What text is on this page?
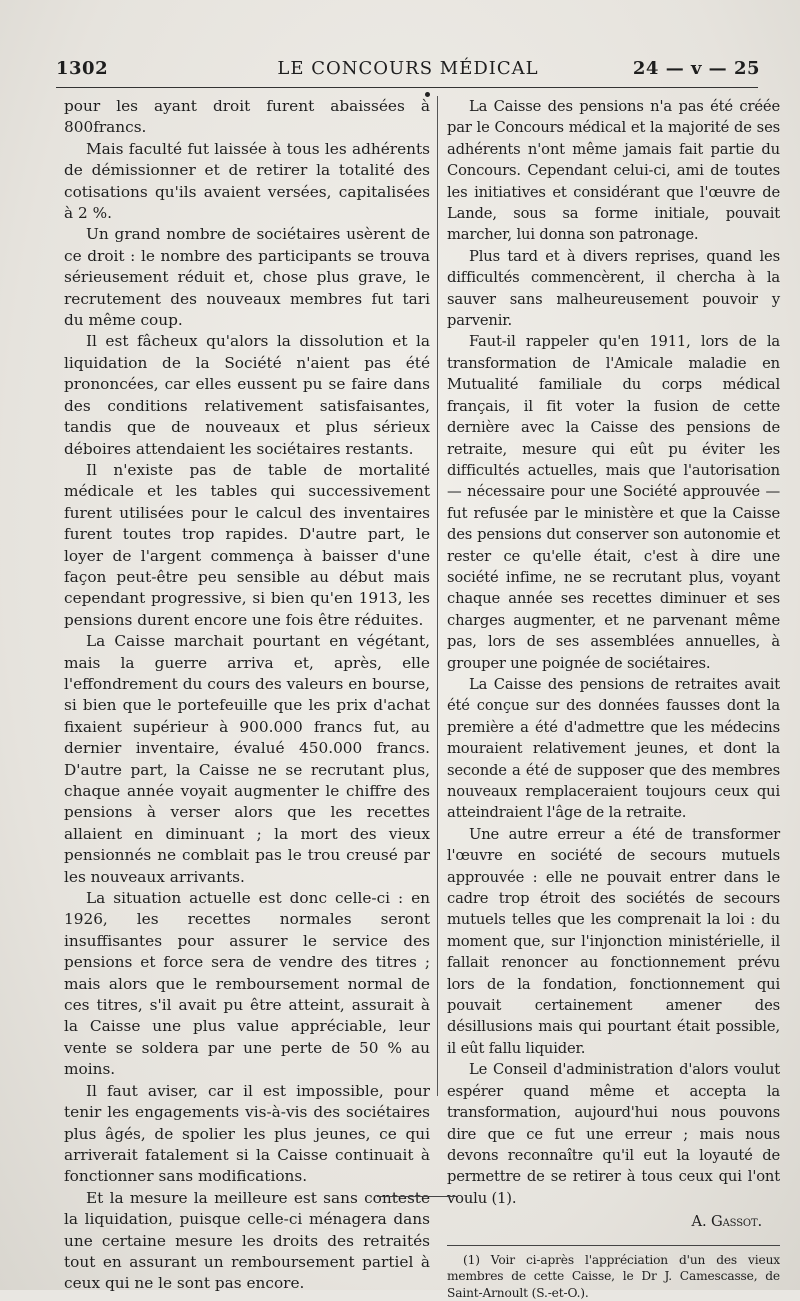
1302	LE CONCOURS MÉDICAL	24 — v — 25

pour les ayant droit furent abaissées à 800francs.

Mais faculté fut laissée à tous les adhérents de démissionner et de retirer la totalité des cotisations qu'ils avaient versées, capitalisées à 2 %.

Un grand nombre de sociétaires usèrent de ce droit : le nombre des participants se trouva sérieusement réduit et, chose plus grave, le recrutement des nouveaux membres fut tari du même coup.

Il est fâcheux qu'alors la dissolution et la liquidation de la Société n'aient pas été prononcées, car elles eussent pu se faire dans des conditions relativement satisfaisantes, tandis que de nouveaux et plus sérieux déboires attendaient les sociétaires restants.

Il n'existe pas de table de mortalité médicale et les tables qui successivement furent utilisées pour le calcul des inventaires furent toutes trop rapides. D'autre part, le loyer de l'argent commença à baisser d'une façon peut-être peu sensible au début mais cependant progressive, si bien qu'en 1913, les pensions durent encore une fois être réduites.

La Caisse marchait pourtant en végétant, mais la guerre arriva et, après, elle l'effondrement du cours des valeurs en bourse, si bien que le portefeuille que les prix d'achat fixaient supérieur à 900.000 francs fut, au dernier inventaire, évalué 450.000 francs. D'autre part, la Caisse ne se recrutant plus, chaque année voyait augmenter le chiffre des pensions à verser alors que les recettes allaient en diminuant ; la mort des vieux pensionnés ne comblait pas le trou creusé par les nouveaux arrivants.

La situation actuelle est donc celle-ci : en 1926, les recettes normales seront insuffisantes pour assurer le service des pensions et force sera de vendre des titres ; mais alors que le remboursement normal de ces titres, s'il avait pu être atteint, assurait à la Caisse une plus value appréciable, leur vente se soldera par une perte de 50 % au moins.

Il faut aviser, car il est impossible, pour tenir les engagements vis-à-vis des sociétaires plus âgés, de spolier les plus jeunes, ce qui arriverait fatalement si la Caisse continuait à fonctionner sans modifications.

Et la mesure la meilleure est sans conteste la liquidation, puisque celle-ci ménagera dans une certaine mesure les droits des retraités tout en assurant un remboursement partiel à ceux qui ne le sont pas encore.

La Caisse des pensions n'a pas été créée par le Concours médical et la majorité de ses adhérents n'ont même jamais fait partie du Concours. Cependant celui-ci, ami de toutes les initiatives et considérant que l'œuvre de Lande, sous sa forme initiale, pouvait marcher, lui donna son patronage.

Plus tard et à divers reprises, quand les difficultés commencèrent, il chercha à la sauver sans malheureusement pouvoir y parvenir.

Faut-il rappeler qu'en 1911, lors de la transformation de l'Amicale maladie en Mutualité familiale du corps médical français, il fit voter la fusion de cette dernière avec la Caisse des pensions de retraite, mesure qui eût pu éviter les difficultés actuelles, mais que l'autorisation — nécessaire pour une Société approuvée — fut refusée par le ministère et que la Caisse des pensions dut conserver son autonomie et rester ce qu'elle était, c'est à dire une société infime, ne se recrutant plus, voyant chaque année ses recettes diminuer et ses charges augmenter, et ne parvenant même pas, lors de ses assemblées annuelles, à grouper une poignée de sociétaires.

La Caisse des pensions de retraites avait été conçue sur des données fausses dont la première a été d'admettre que les médecins mouraient relativement jeunes, et dont la seconde a été de supposer que des membres nouveaux remplaceraient toujours ceux qui atteindraient l'âge de la retraite.

Une autre erreur a été de transformer l'œuvre en société de secours mutuels approuvée : elle ne pouvait entrer dans le cadre trop étroit des sociétés de secours mutuels telles que les comprenait la loi : du moment que, sur l'injonction ministérielle, il fallait renoncer au fonctionnement prévu lors de la fondation, fonctionnement qui pouvait certainement amener des désillusions mais qui pourtant était possible, il eût fallu liquider.

Le Conseil d'administration d'alors voulut espérer quand même et accepta la transformation, aujourd'hui nous pouvons dire que ce fut une erreur ; mais nous devons reconnaître qu'il eut la loyauté de permettre de se retirer à tous ceux qui l'ont voulu (1).

A. Gassot.

(1) Voir ci-après l'appréciation d'un des vieux membres de cette Caisse, le Dr J. Camescasse, de Saint-Arnoult (S.-et-O.).
